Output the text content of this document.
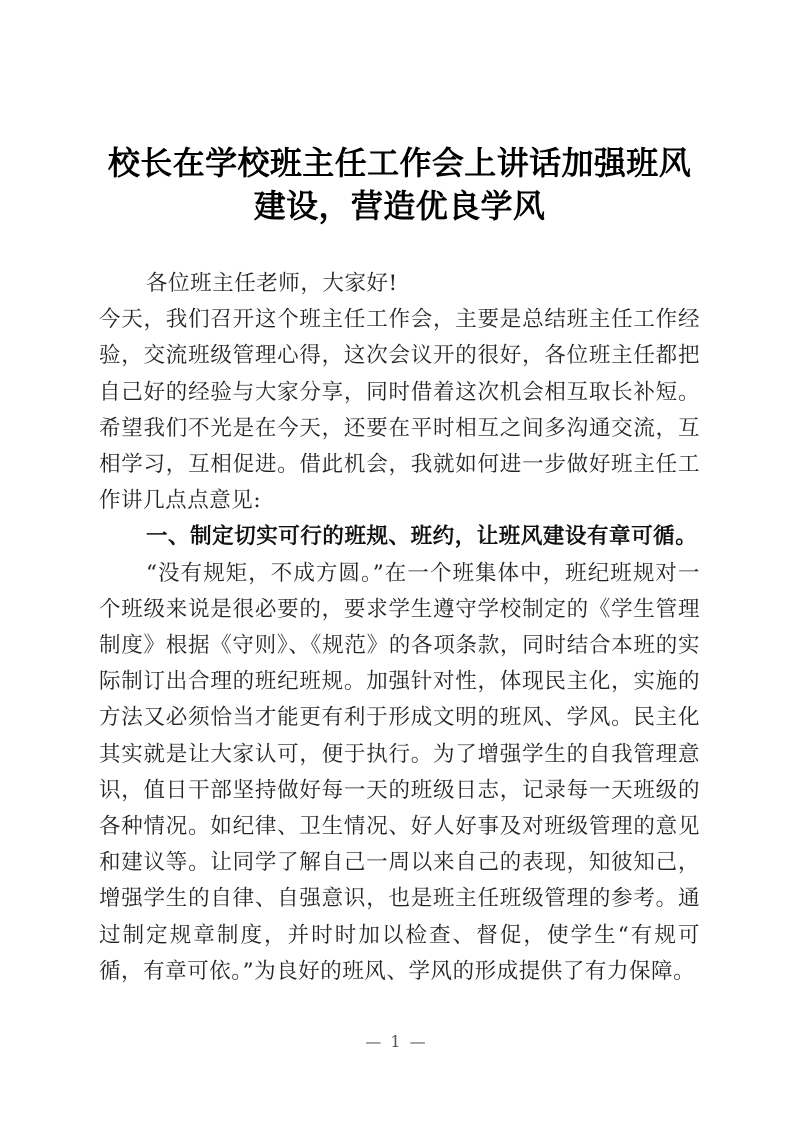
校长在学校班主任工作会上讲话加强班风建设，营造优良学风

各位班主任老师，大家好!

今天，我们召开这个班主任工作会，主要是总结班主任工作经验，交流班级管理心得，这次会议开的很好，各位班主任都把自己好的经验与大家分享，同时借着这次机会相互取长补短。希望我们不光是在今天，还要在平时相互之间多沟通交流，互相学习，互相促进。借此机会，我就如何进一步做好班主任工作讲几点点意见:

一、制定切实可行的班规、班约，让班风建设有章可循。

“没有规矩，不成方圆。”在一个班集体中，班纪班规对一个班级来说是很必要的，要求学生遵守学校制定的《学生管理制度》根据《守则》、《规范》的各项条款，同时结合本班的实际制订出合理的班纪班规。加强针对性，体现民主化，实施的方法又必须恰当才能更有利于形成文明的班风、学风。民主化其实就是让大家认可，便于执行。为了增强学生的自我管理意识，值日干部坚持做好每一天的班级日志，记录每一天班级的各种情况。如纪律、卫生情况、好人好事及对班级管理的意见和建议等。让同学了解自己一周以来自己的表现，知彼知己，增强学生的自律、自强意识，也是班主任班级管理的参考。通过制定规章制度，并时时加以检查、督促，使学生“有规可循，有章可依。”为良好的班风、学风的形成提供了有力保障。

— 1 —
